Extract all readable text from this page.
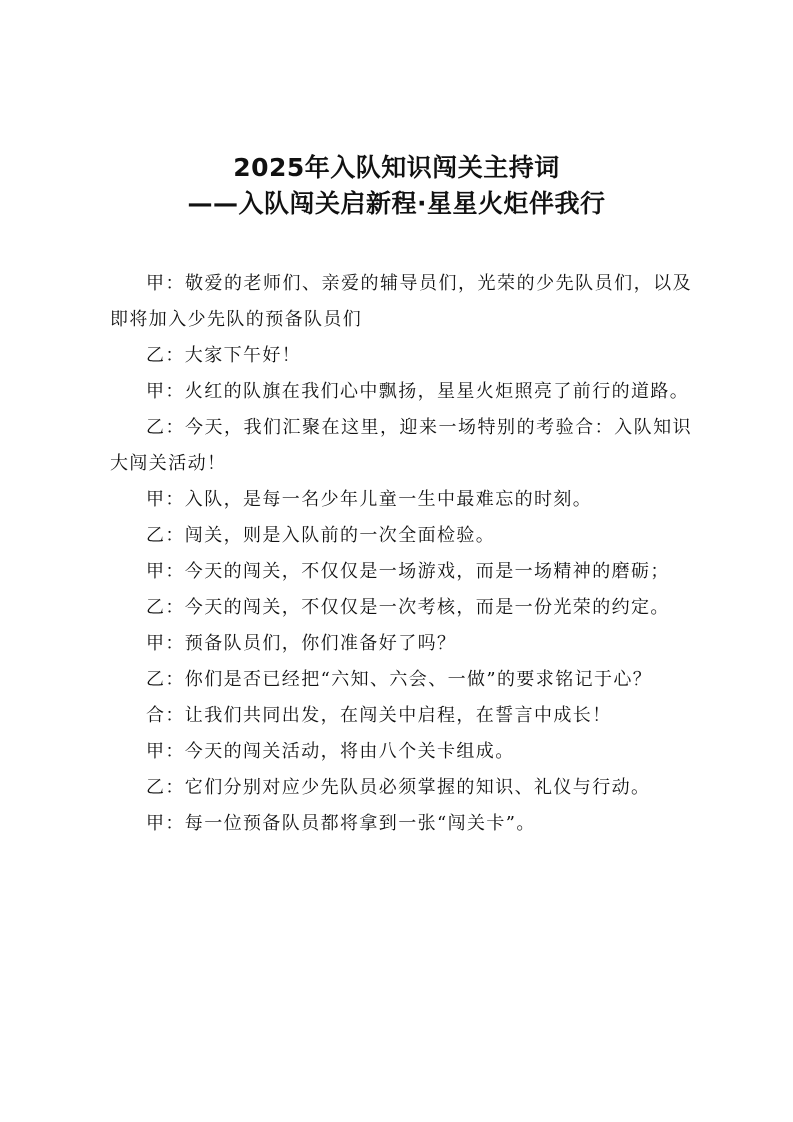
2025年入队知识闯关主持词
——入队闯关启新程·星星火炬伴我行

甲：敬爱的老师们、亲爱的辅导员们，光荣的少先队员们，以及即将加入少先队的预备队员们

乙：大家下午好！

甲：火红的队旗在我们心中飘扬，星星火炬照亮了前行的道路。

乙：今天，我们汇聚在这里，迎来一场特别的考验合：入队知识大闯关活动！

甲：入队，是每一名少年儿童一生中最难忘的时刻。

乙：闯关，则是入队前的一次全面检验。

甲：今天的闯关，不仅仅是一场游戏，而是一场精神的磨砺；

乙：今天的闯关，不仅仅是一次考核，而是一份光荣的约定。

甲：预备队员们，你们准备好了吗？

乙：你们是否已经把“六知、六会、一做”的要求铭记于心？

合：让我们共同出发，在闯关中启程，在誓言中成长！

甲：今天的闯关活动，将由八个关卡组成。

乙：它们分别对应少先队员必须掌握的知识、礼仪与行动。

甲：每一位预备队员都将拿到一张“闯关卡”。
